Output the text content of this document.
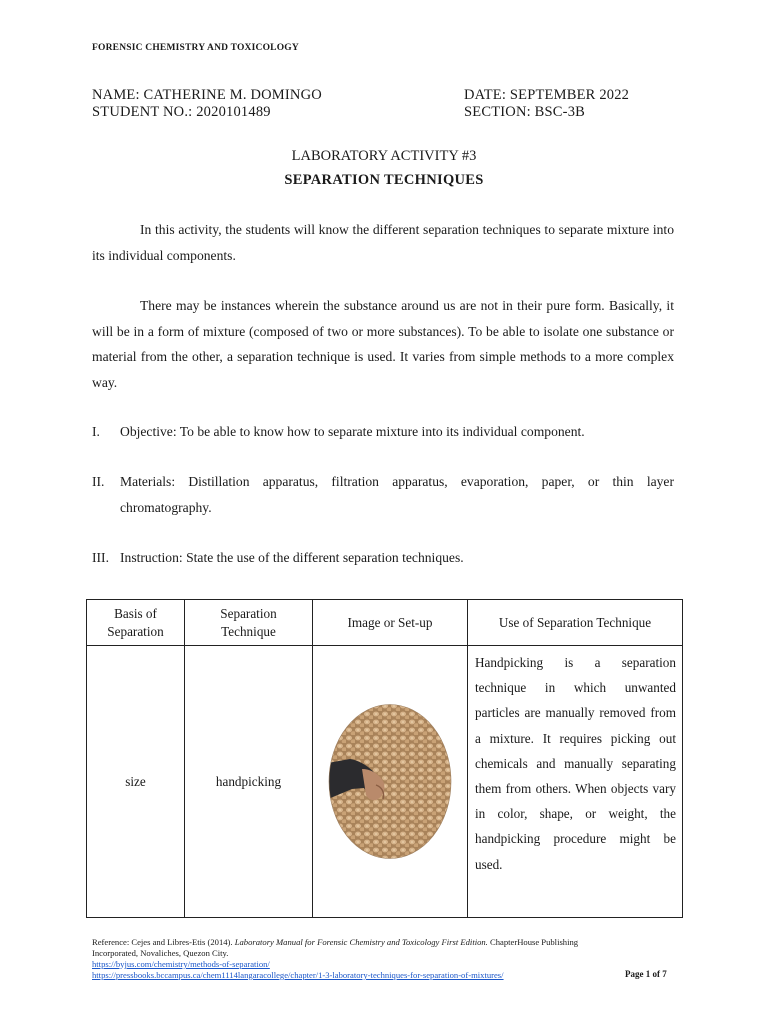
FORENSIC CHEMISTRY AND TOXICOLOGY
NAME: CATHERINE M. DOMINGO	DATE: SEPTEMBER 2022
STUDENT NO.: 2020101489	SECTION: BSC-3B
LABORATORY ACTIVITY #3
SEPARATION TECHNIQUES
In this activity, the students will know the different separation techniques to separate mixture into its individual components.
There may be instances wherein the substance around us are not in their pure form. Basically, it will be in a form of mixture (composed of two or more substances). To be able to isolate one substance or material from the other, a separation technique is used. It varies from simple methods to a more complex way.
I. Objective: To be able to know how to separate mixture into its individual component.
II. Materials: Distillation apparatus, filtration apparatus, evaporation, paper, or thin layer chromatography.
III. Instruction: State the use of the different separation techniques.
Basis of Separation	Separation Technique	Image or Set-up	Use of Separation Technique
size	handpicking		Handpicking is a separation technique in which unwanted particles are manually removed from a mixture. It requires picking out chemicals and manually separating them from others. When objects vary in color, shape, or weight, the handpicking procedure might be used.
Reference: Cejes and Libres-Etis (2014). Laboratory Manual for Forensic Chemistry and Toxicology First Edition. ChapterHouse Publishing Incorporated, Novaliches, Quezon City.
https://byjus.com/chemistry/methods-of-separation/
https://pressbooks.bccampus.ca/chem1114langaracollege/chapter/1-3-laboratory-techniques-for-separation-of-mixtures/	Page 1 of 7
